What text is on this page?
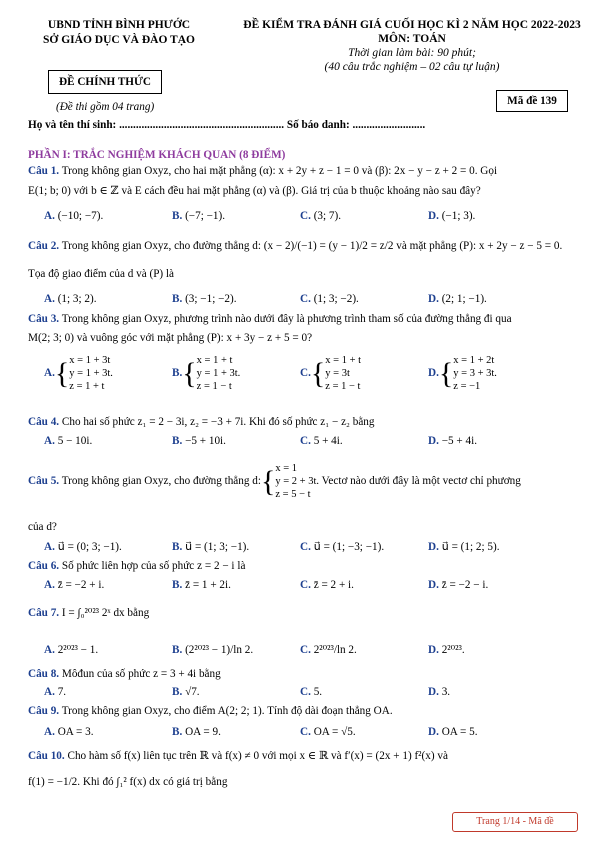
UBND TỈNH BÌNH PHƯỚC
SỞ GIÁO DỤC VÀ ĐÀO TẠO
ĐỀ KIỂM TRA ĐÁNH GIÁ CUỐI HỌC KÌ 2 NĂM HỌC 2022-2023
MÔN: TOÁN
Thời gian làm bài: 90 phút;
(40 câu trắc nghiệm – 02 câu tự luận)
ĐỀ CHÍNH THỨC
(Đề thi gồm 04 trang)	Mã đề 139
Họ và tên thí sinh: ........................................................... Số báo danh: ..........................
PHẦN I: TRẮC NGHIỆM KHÁCH QUAN (8 ĐIỂM)
Câu 1. Trong không gian Oxyz, cho hai mặt phẳng (α): x + 2y + z − 1 = 0 và (β): 2x − y − z + 2 = 0. Gọi
E(1; b; 0) với b ∈ ℤ và E cách đều hai mặt phẳng (α) và (β). Giá trị của b thuộc khoảng nào sau đây?
A. (−10; −7).	B. (−7; −1).	C. (3; 7).	D. (−1; 3).
Câu 2. Trong không gian Oxyz, cho đường thẳng d: (x − 2)/(−1) = (y − 1)/2 = z/2 và mặt phẳng (P): x + 2y − z − 5 = 0.
Tọa độ giao điểm của d và (P) là
A. (1; 3; 2).	B. (3; −1; −2).	C. (1; 3; −2).	D. (2; 1; −1).
Câu 3. Trong không gian Oxyz, phương trình nào dưới đây là phương trình tham số của đường thẳng đi qua
M(2; 3; 0) và vuông góc với mặt phẳng (P): x + 3y − z + 5 = 0?
A.{x = 1 + 3t
y = 1 + 3t.
z = 1 + t
B.{x = 1 + t
y = 1 + 3t.
z = 1 − t
C.{x = 1 + t
y = 3t
z = 1 − t
D.{x = 1 + 2t
y = 3 + 3t.
z = −1
Câu 4. Cho hai số phức z₁ = 2 − 3i, z₂ = −3 + 7i. Khi đó số phức z₁ − z₂ bằng
A. 5 − 10i.	B. −5 + 10i.	C. 5 + 4i.	D. −5 + 4i.
Câu 5. Trong không gian Oxyz, cho đường thẳng d:{x = 1
y = 2 + 3t.
z = 5 − t Vectơ nào dưới đây là một vectơ chỉ phương
của d?
A. u⃗ = (0; 3; −1).	B. u⃗ = (1; 3; −1).	C. u⃗ = (1; −3; −1).	D. u⃗ = (1; 2; 5).
Câu 6. Số phức liên hợp của số phức z = 2 − i là
A. z̄ = −2 + i.	B. z̄ = 1 + 2i.	C. z̄ = 2 + i.	D. z̄ = −2 − i.
Câu 7. I = ∫₀²⁰²³ 2ˣ dx bằng
A. 2²⁰²³ − 1.	B. (2²⁰²³ − 1)/ln 2.	C. 2²⁰²³/ln 2.	D. 2²⁰²³.
Câu 8. Môđun của số phức z = 3 + 4i bằng
A. 7.	B. √7.	C. 5.	D. 3.
Câu 9. Trong không gian Oxyz, cho điểm A(2; 2; 1). Tính độ dài đoạn thẳng OA.
A. OA = 3.	B. OA = 9.	C. OA = √5.	D. OA = 5.
Câu 10. Cho hàm số f(x) liên tục trên ℝ và f(x) ≠ 0 với mọi x ∈ ℝ và f′(x) = (2x + 1) f²(x) và
f(1) = −1/2. Khi đó ∫₁² f(x) dx có giá trị bằng
Trang 1/14 - Mã đề
